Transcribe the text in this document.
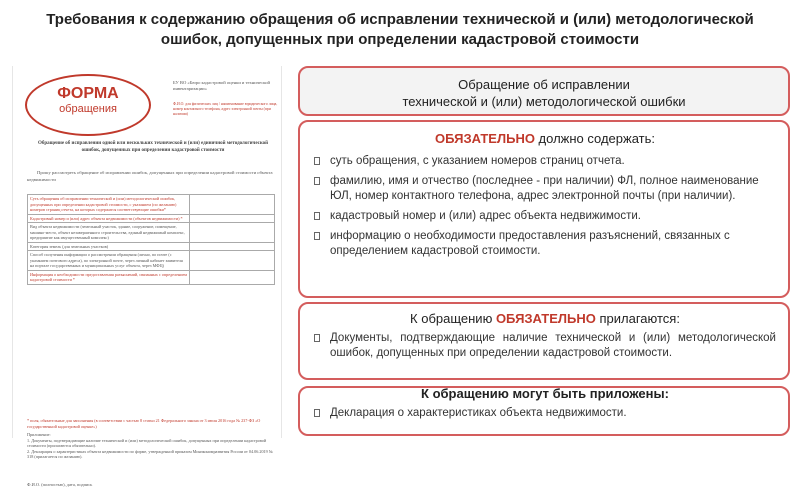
Требования к содержанию обращения об исправлении технической и (или) методологической
ошибок, допущенных при определении кадастровой стоимости
ФОРМА
обращения
БУ ВО «Бюро кадастровой оценки и технической инвентаризации»
Ф.И.О. для физических лиц / наименование юридического лица, номер контактного телефона, адрес электронной почты (при наличии)
Обращение об исправлении одной или нескольких технической и (или) единичной методологической ошибок, допущенных при определении кадастровой стоимости
Прошу рассмотреть обращение об исправлении ошибок, допущенных при определении кадастровой стоимости объекта недвижимости
Суть обращения об исправлении технической и (или) методологической ошибок, допущенных при определении кадастровой стоимости, с указанием (по желанию) номеров страниц отчета, на которых содержатся соответствующие ошибки*	
Кадастровый номер и (или) адрес объекта недвижимости (объектов недвижимости) *	
Вид объекта недвижимости (земельный участок, здание, сооружение, помещение, машино-место, объект незавершенного строительства, единый недвижимый комплекс, предприятие как имущественный комплекс)	
Категория земель (для земельных участков)	
Способ получения информации о рассмотрении обращения (лично, по почте (с указанием почтового адреса), по электронной почте, через личный кабинет заявителя на портале государственных и муниципальных услуг объекта, через МФЦ)	
Информация о необходимости предоставления разъяснений, связанных с определением кадастровой стоимости *	
* поля, обязательные для заполнения (в соответствии с частью 8 статьи 21 Федерального закона от 3 июля 2016 года № 237-ФЗ «О государственной кадастровой оценке»)
Приложение:
1. Документы, подтверждающие наличие технической и (или) методологической ошибок, допущенных при определении кадастровой стоимости (прилагаются обязательно).
2. Декларация о характеристиках объекта недвижимости по форме, утвержденной приказом Минэкономразвития России от 04.06.2019 № 318 (прилагается по желанию).
Ф.И.О. (полностью), дата, подпись
Обращение об исправлении
технической и (или) методологической ошибки
ОБЯЗАТЕЛЬНО должно содержать:
суть обращения, с указанием номеров страниц отчета.
фамилию, имя и отчество (последнее - при наличии) ФЛ, полное наименование ЮЛ, номер контактного телефона, адрес электронной почты (при наличии).
кадастровый номер и (или) адрес объекта недвижимости.
информацию о необходимости предоставления разъяснений, связанных с определением кадастровой стоимости.
К обращению ОБЯЗАТЕЛЬНО прилагаются:
Документы, подтверждающие наличие технической и (или) методологической ошибок, допущенных при определении кадастровой стоимости.
К обращению могут быть приложены:
Декларация о характеристиках объекта недвижимости.
